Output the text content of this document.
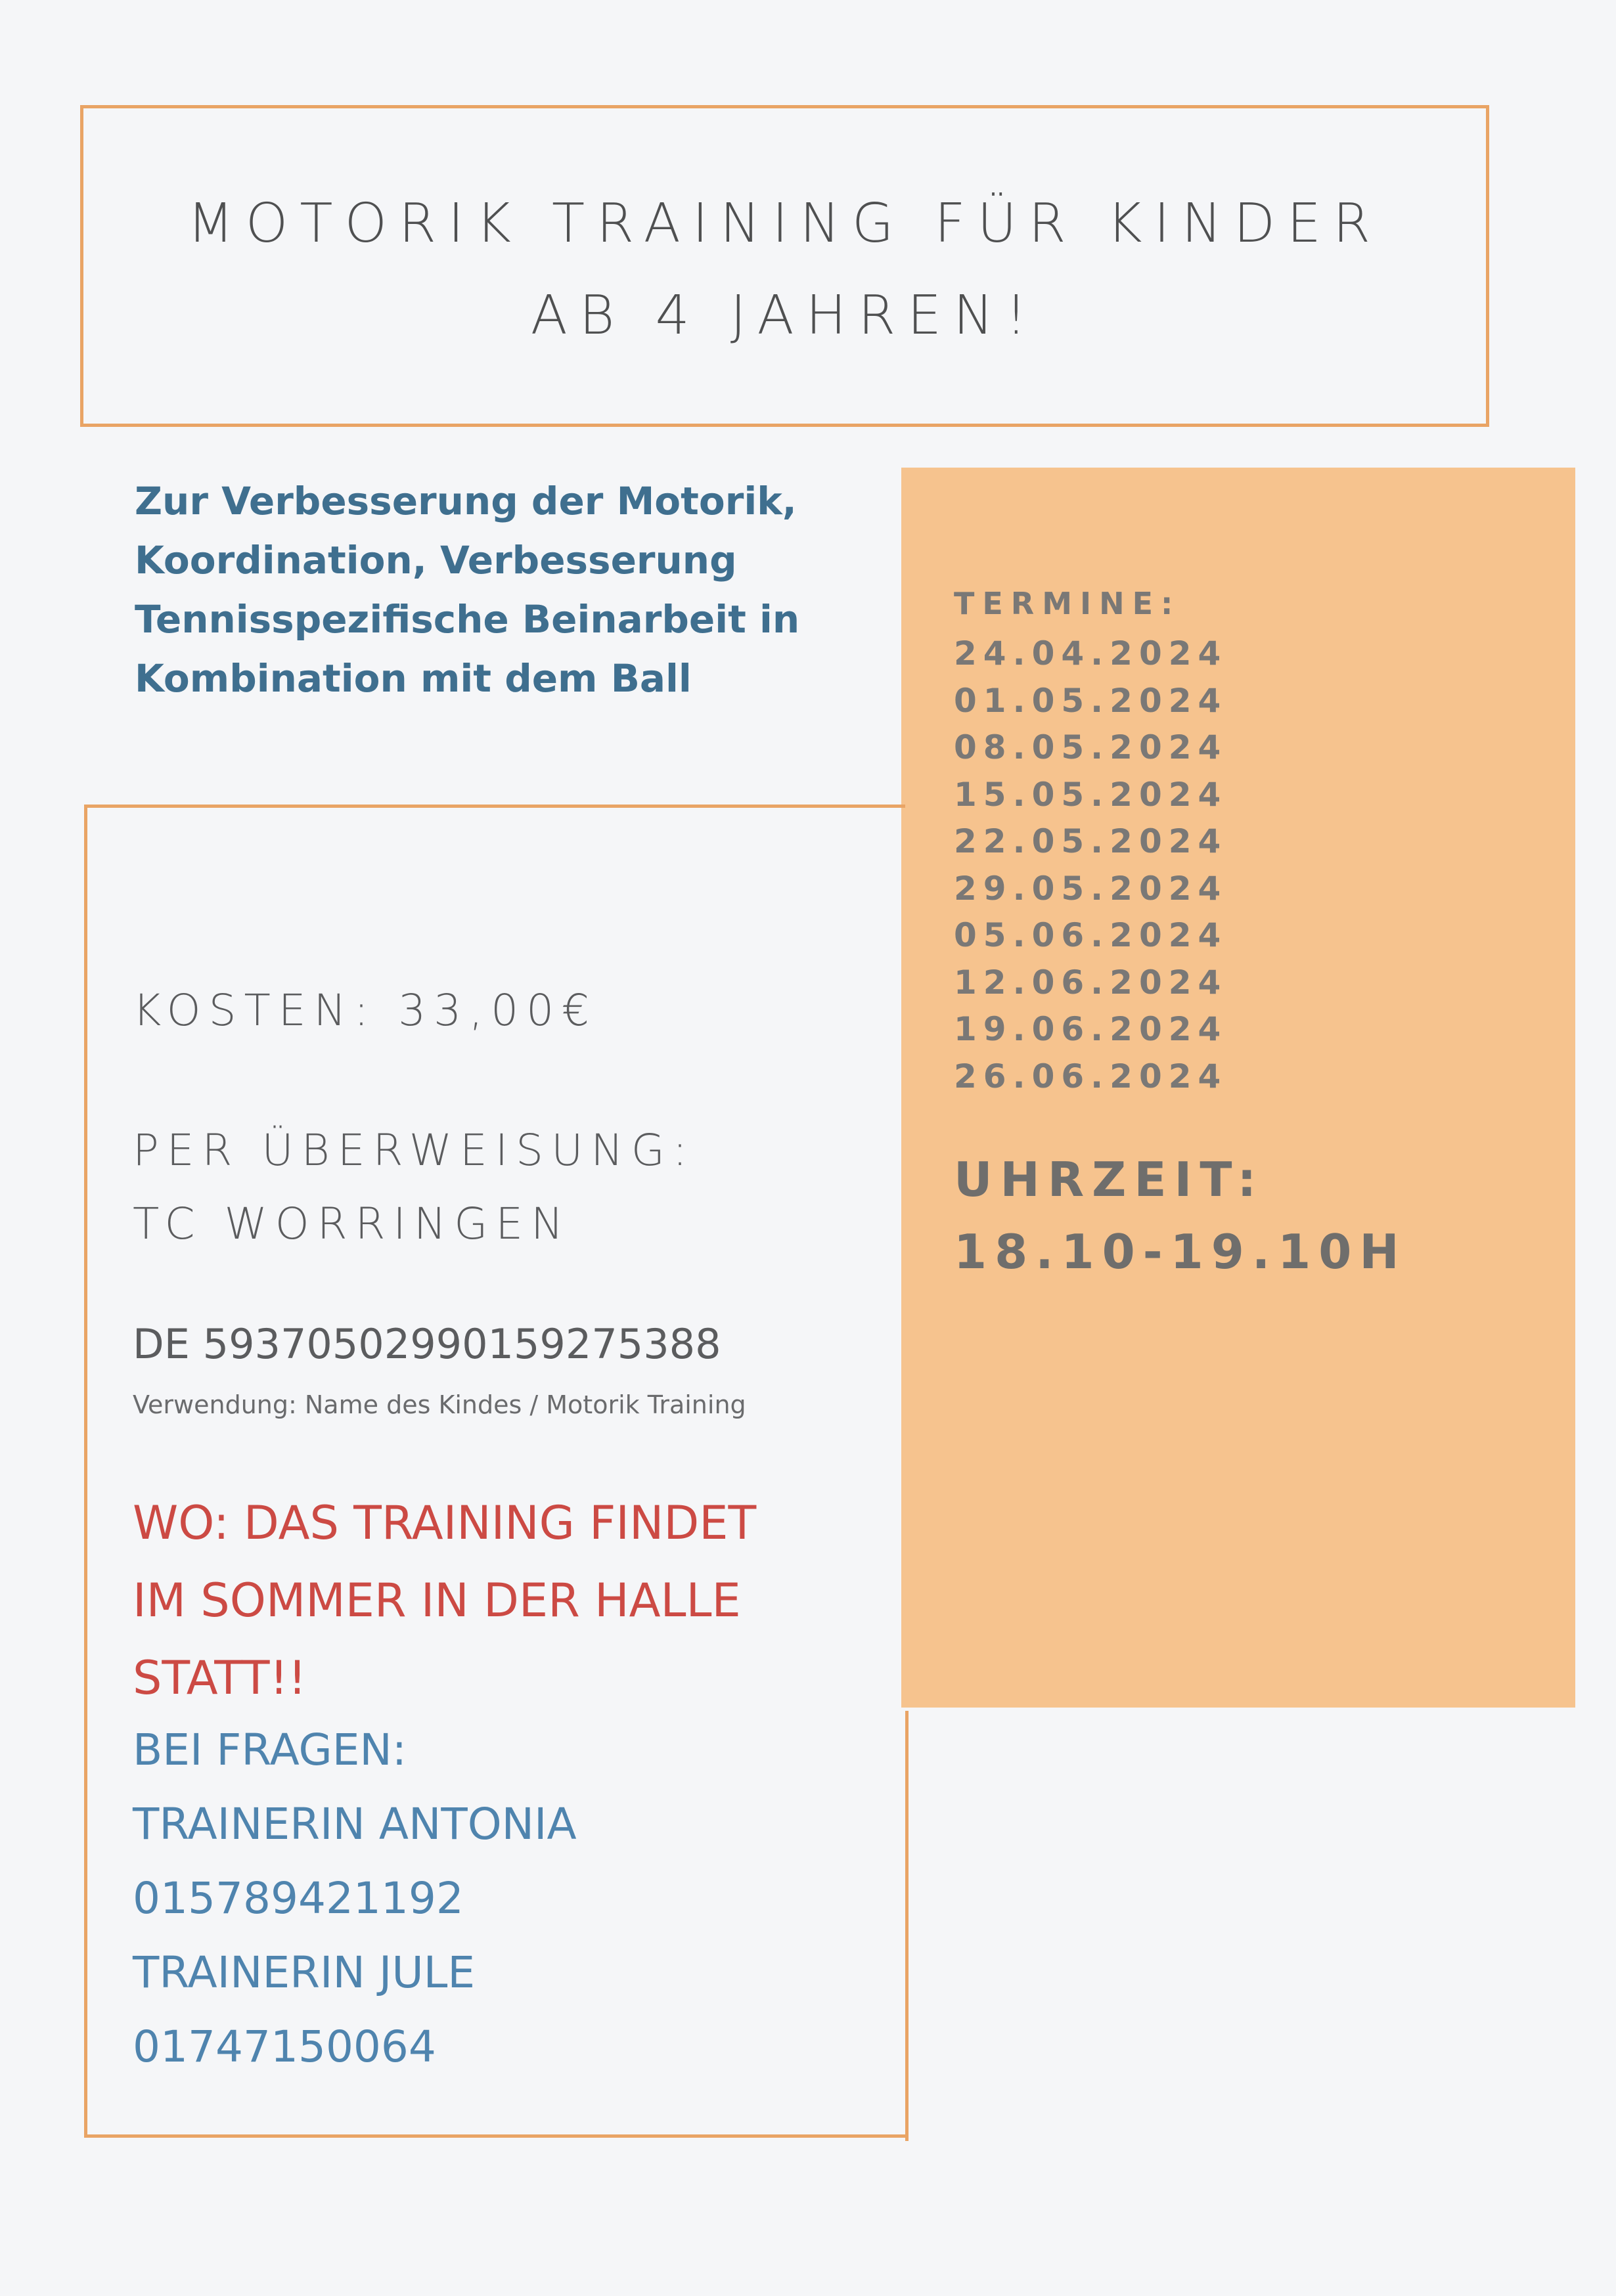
MOTORIK TRAINING FÜR KINDER
AB 4 JAHREN!
Zur Verbesserung der Motorik,
Koordination, Verbesserung
Tennisspezifische Beinarbeit in
Kombination mit dem Ball
TERMINE:
24.04.2024
01.05.2024
08.05.2024
15.05.2024
22.05.2024
29.05.2024
05.06.2024
12.06.2024
19.06.2024
26.06.2024
UHRZEIT:
18.10-19.10H
KOSTEN: 33,00€
PER ÜBERWEISUNG:
TC WORRINGEN
DE 59370502990159275388
Verwendung: Name des Kindes / Motorik Training
WO: DAS TRAINING FINDET
IM SOMMER IN DER HALLE
STATT!!
BEI FRAGEN:
TRAINERIN ANTONIA
015789421192
TRAINERIN JULE
01747150064
